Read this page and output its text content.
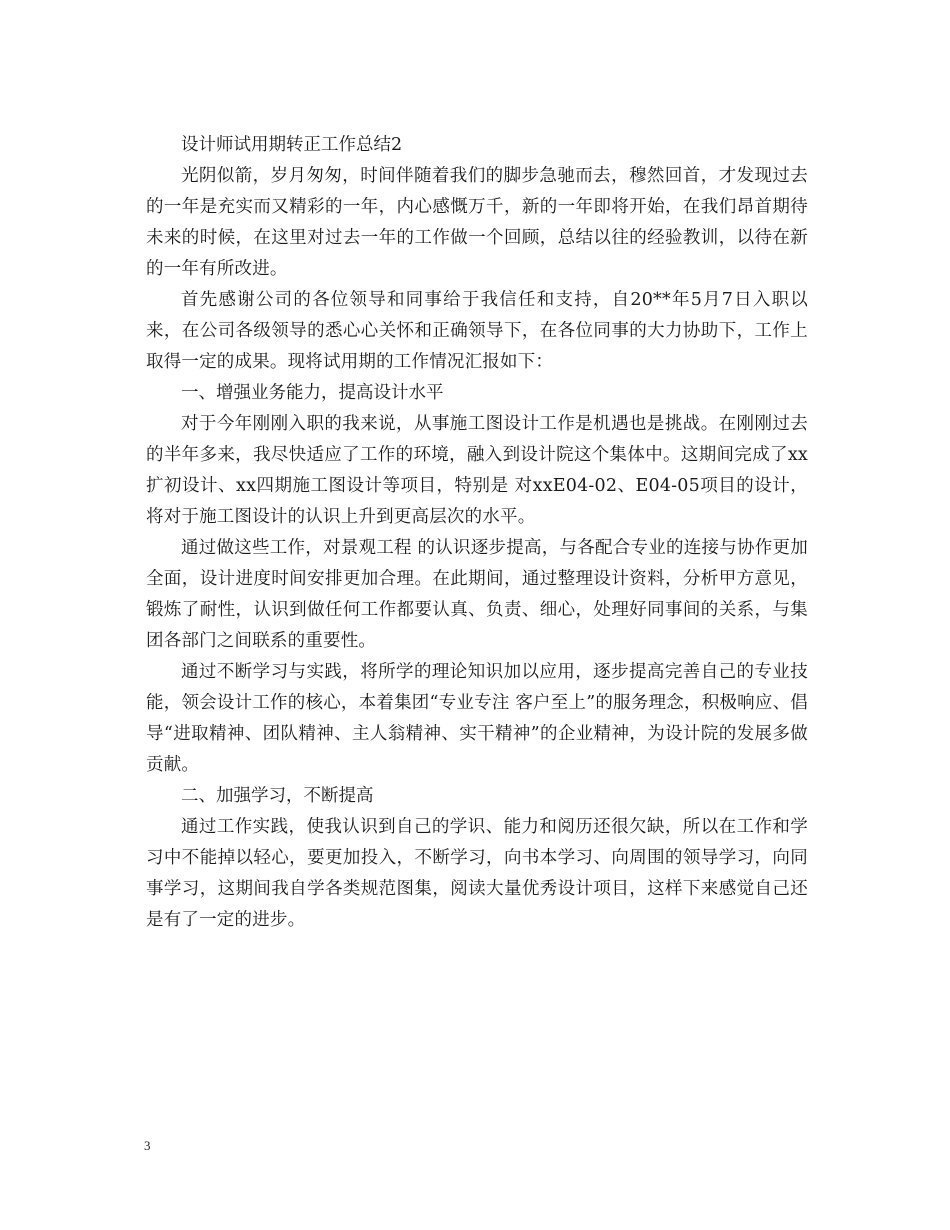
设计师试用期转正工作总结2

光阴似箭，岁月匆匆，时间伴随着我们的脚步急驰而去，穆然回首，才发现过去的一年是充实而又精彩的一年，内心感慨万千，新的一年即将开始，在我们昂首期待未来的时候，在这里对过去一年的工作做一个回顾，总结以往的经验教训，以待在新的一年有所改进。

首先感谢公司的各位领导和同事给于我信任和支持，自20**年5月7日入职以来，在公司各级领导的悉心心关怀和正确领导下，在各位同事的大力协助下，工作上取得一定的成果。现将试用期的工作情况汇报如下：

一、增强业务能力，提高设计水平

对于今年刚刚入职的我来说，从事施工图设计工作是机遇也是挑战。在刚刚过去的半年多来，我尽快适应了工作的环境，融入到设计院这个集体中。这期间完成了xx扩初设计、xx四期施工图设计等项目，特别是 对xxE04-02、E04-05项目的设计，将对于施工图设计的认识上升到更高层次的水平。

通过做这些工作，对景观工程 的认识逐步提高，与各配合专业的连接与协作更加全面，设计进度时间安排更加合理。在此期间，通过整理设计资料，分析甲方意见，锻炼了耐性，认识到做任何工作都要认真、负责、细心，处理好同事间的关系，与集团各部门之间联系的重要性。

通过不断学习与实践，将所学的理论知识加以应用，逐步提高完善自己的专业技能，领会设计工作的核心，本着集团“专业专注 客户至上”的服务理念，积极响应、倡导“进取精神、团队精神、主人翁精神、实干精神”的企业精神，为设计院的发展多做贡献。

二、加强学习，不断提高

通过工作实践，使我认识到自己的学识、能力和阅历还很欠缺，所以在工作和学习中不能掉以轻心，要更加投入，不断学习，向书本学习、向周围的领导学习，向同事学习，这期间我自学各类规范图集，阅读大量优秀设计项目，这样下来感觉自己还是有了一定的进步。

3
